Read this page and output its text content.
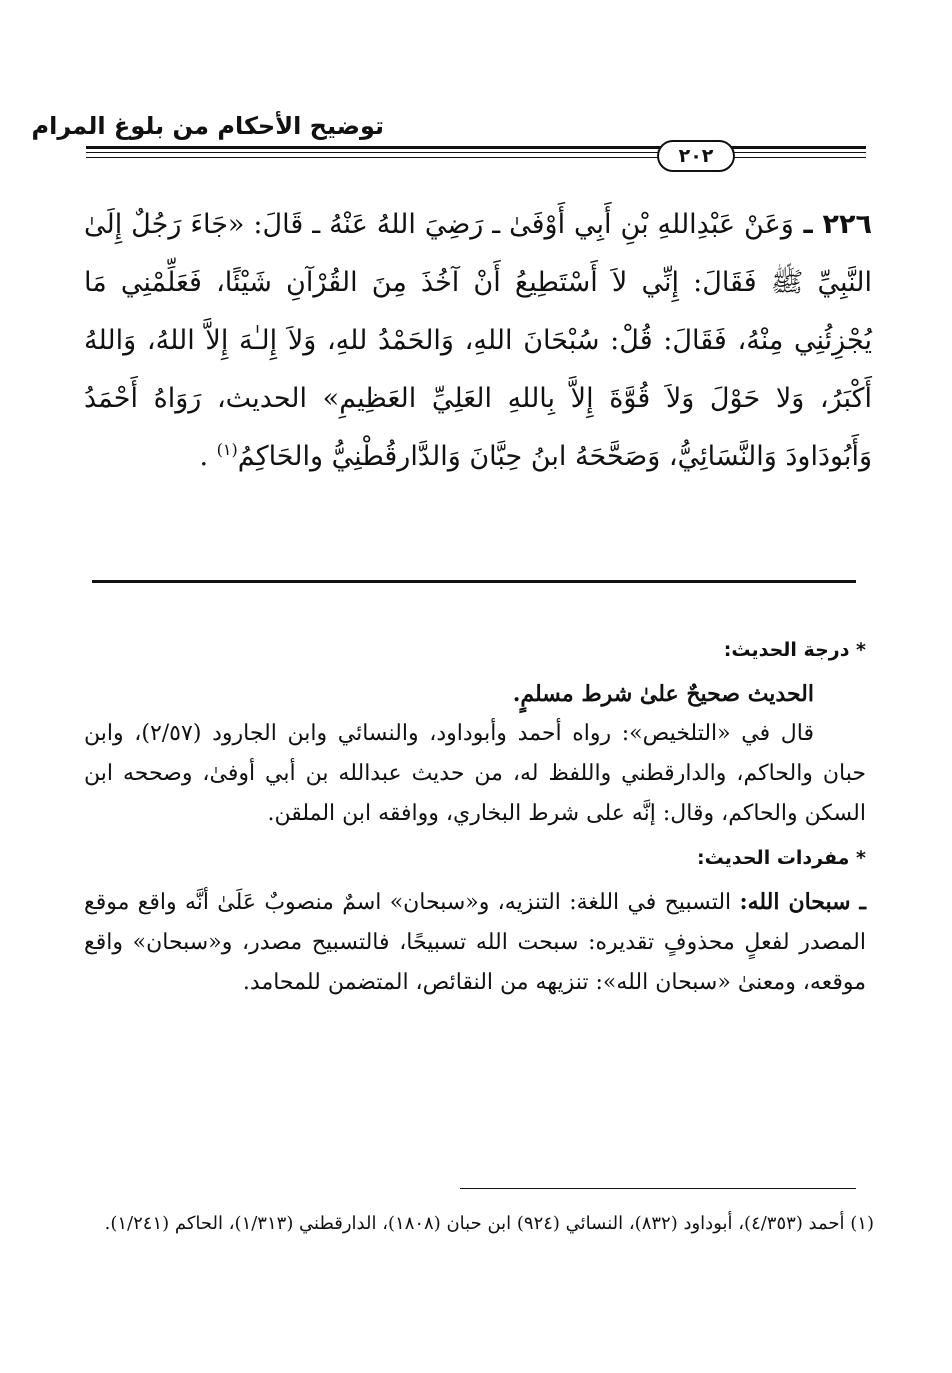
توضيح الأحكام من بلوغ المرام
٢٠٢
٢٢٦ ـ وَعَنْ عَبْدِاللهِ بْنِ أَبِي أَوْفَىٰ ـ رَضِيَ اللهُ عَنْهُ ـ قَالَ: «جَاءَ رَجُلٌ إِلَىٰ النَّبِيِّ ﷺ فَقَالَ: إِنِّي لاَ أَسْتَطِيعُ أَنْ آخُذَ مِنَ القُرْآنِ شَيْئًا، فَعَلِّمْنِي مَا يُجْزِئُنِي مِنْهُ، فَقَالَ: قُلْ: سُبْحَانَ اللهِ، وَالحَمْدُ للهِ، وَلاَ إِلـٰهَ إِلاَّ اللهُ، وَاللهُ أَكْبَرُ، وَلا حَوْلَ وَلاَ قُوَّةَ إِلاَّ بِاللهِ العَلِيِّ العَظِيمِ» الحديث، رَوَاهُ أَحْمَدُ وَأَبُودَاودَ وَالنَّسَائِيُّ، وَصَحَّحَهُ ابنُ حِبَّانَ وَالدَّارقُطْنِيُّ والحَاكِمُ$^{(١)}$ .
* درجة الحديث:
الحديث صحيحٌ علىٰ شرط مسلمٍ.
قال في «التلخيص»: رواه أحمد وأبوداود، والنسائي وابن الجارود (٢/٥٧)، وابن حبان والحاكم، والدارقطني واللفظ له، من حديث عبدالله بن أبي أوفىٰ، وصححه ابن السكن والحاكم، وقال: إنَّه على شرط البخاري، ووافقه ابن الملقن.
* مفردات الحديث:
ـ سبحان الله: التسبيح في اللغة: التنزيه، و«سبحان» اسمٌ منصوبٌ عَلَىٰ أنَّه واقع موقع المصدر لفعلٍ محذوفٍ تقديره: سبحت الله تسبيحًا، فالتسبيح مصدر، و«سبحان» واقع موقعه، ومعنىٰ «سبحان الله»: تنزيهه من النقائص، المتضمن للمحامد.
(١) أحمد (٤/٣٥٣)، أبوداود (٨٣٢)، النسائي (٩٢٤) ابن حبان (١٨٠٨)، الدارقطني (١/٣١٣)، الحاكم (١/٢٤١).
